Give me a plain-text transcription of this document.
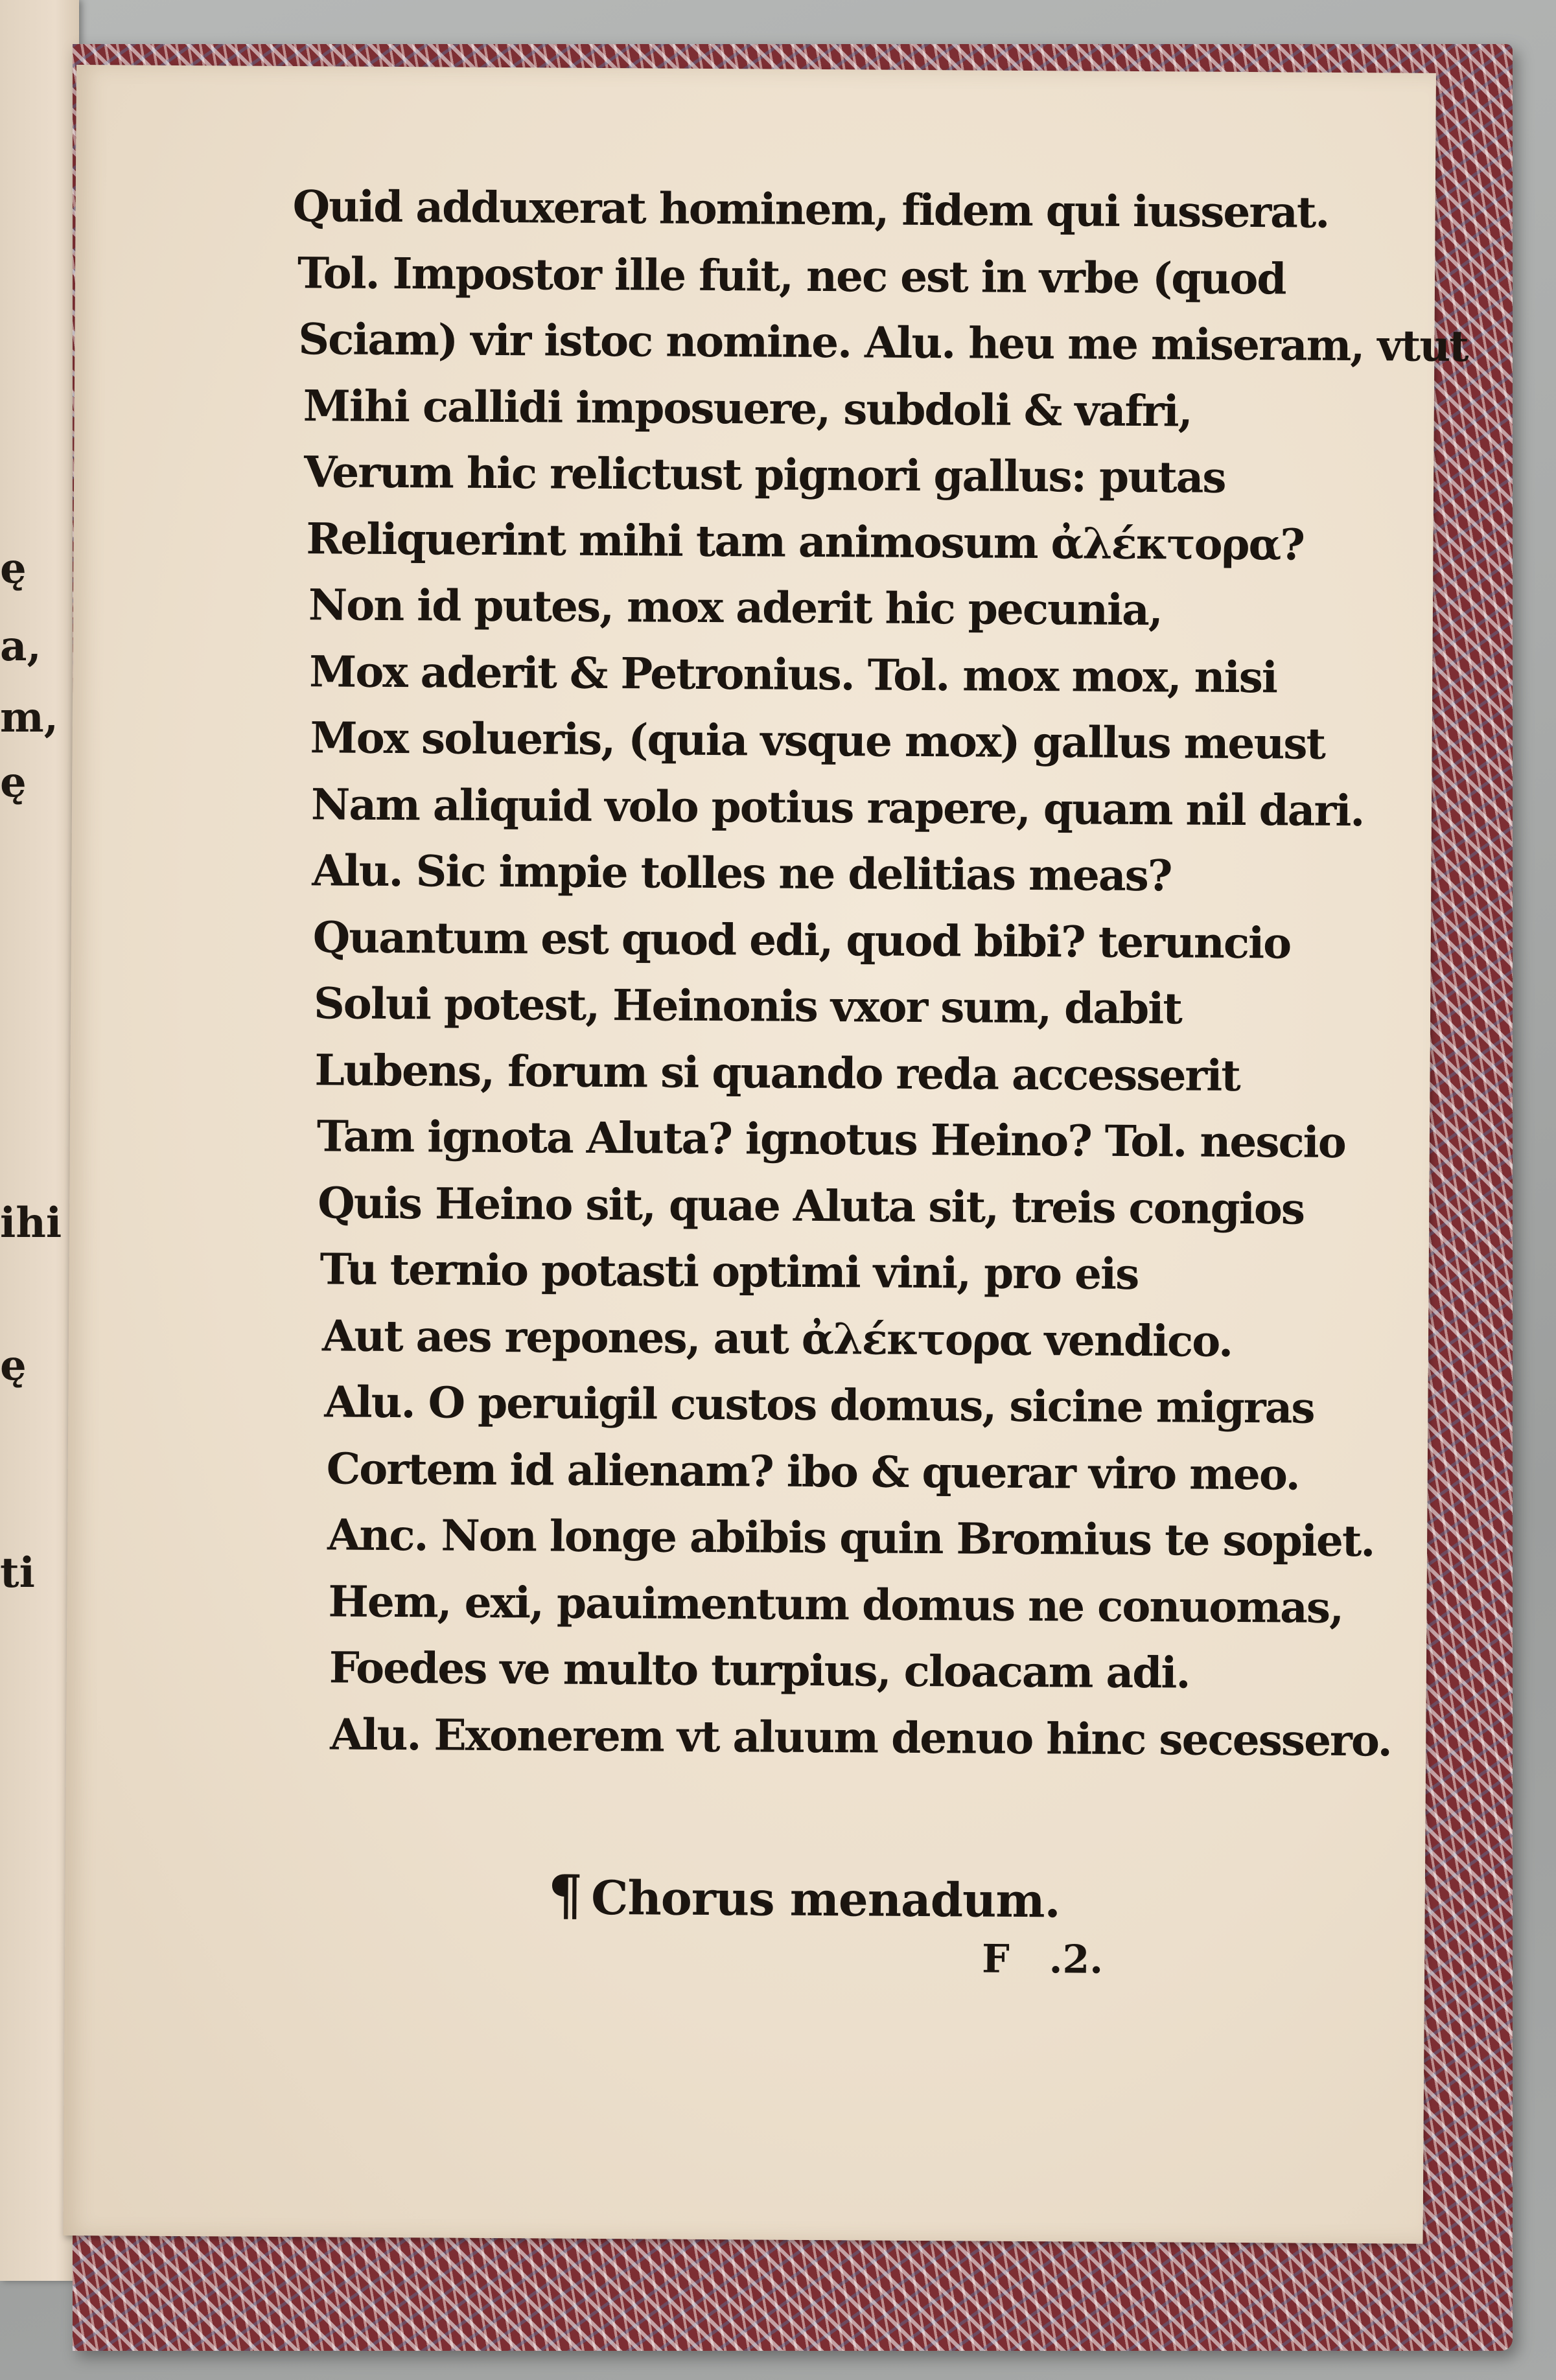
ę
a,
m,
ę
ihi
ę
ti
Quid adduxerat hominem, fidem qui iusserat.
Tol. Impostor ille fuit, nec est in vrbe (quod
Sciam) vir istoc nomine. Alu. heu me miseram, vtut
Mihi callidi imposuere, subdoli & vafri,
Verum hic relictust pignori gallus: putas
Reliquerint mihi tam animosum ἀλέκτορα?
Non id putes, mox aderit hic pecunia,
Mox aderit & Petronius. Tol. mox mox, nisi
Mox solueris, (quia vsque mox) gallus meust
Nam aliquid volo potius rapere, quam nil dari.
Alu. Sic impie tolles ne delitias meas?
Quantum est quod edi, quod bibi? teruncio
Solui potest, Heinonis vxor sum, dabit
Lubens, forum si quando reda accesserit
Tam ignota Aluta? ignotus Heino? Tol. nescio
Quis Heino sit, quae Aluta sit, treis congios
Tu ternio potasti optimi vini, pro eis
Aut aes repones, aut ἀλέκτορα vendico.
Alu. O peruigil custos domus, sicine migras
Cortem id alienam? ibo & querar viro meo.
Anc. Non longe abibis quin Bromius te sopiet.
Hem, exi, pauimentum domus ne conuomas,
Foedes ve multo turpius, cloacam adi.
Alu. Exonerem vt aluum denuo hinc secessero.
¶ Chorus menadum.
F .2.
